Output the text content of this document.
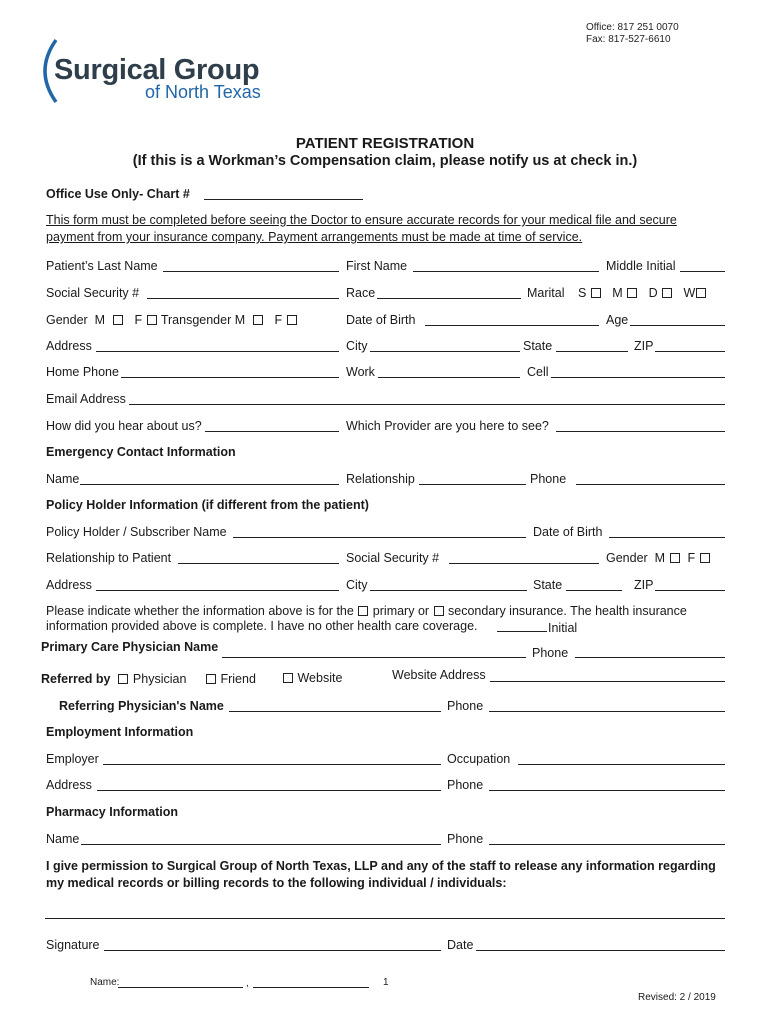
Office: 817 251 0070
Fax: 817-527-6610
Surgical Group
of North Texas
PATIENT REGISTRATION
(If this is a Workman’s Compensation claim, please notify us at check in.)
Office Use Only- Chart #
This form must be completed before seeing the Doctor to ensure accurate records for your medical file and secure
payment from your insurance company. Payment arrangements must be made at time of service.
Patient’s Last Name	First Name	Middle Initial
Social Security #	Race	Marital S M D W
Gender M F Transgender M F	Date of Birth	Age
Address	City	State	ZIP
Home Phone	Work	Cell
Email Address
How did you hear about us?	Which Provider are you here to see?
Emergency Contact Information
Name	Relationship	Phone
Policy Holder Information (if different from the patient)
Policy Holder / Subscriber Name	Date of Birth
Relationship to Patient	Social Security #	Gender M F
Address	City	State	ZIP
Please indicate whether the information above is for the primary or secondary insurance. The health insurance
information provided above is complete. I have no other health care coverage.	Initial
Primary Care Physician Name	Phone
Referred by Physician	Friend	Website	Website Address
Referring Physician's Name	Phone
Employment Information
Employer	Occupation
Address	Phone
Pharmacy Information
Name	Phone
I give permission to Surgical Group of North Texas, LLP and any of the staff to release any information regarding
my medical records or billing records to the following individual / individuals:
Signature	Date
Name:	,	1
Revised: 2 / 2019
